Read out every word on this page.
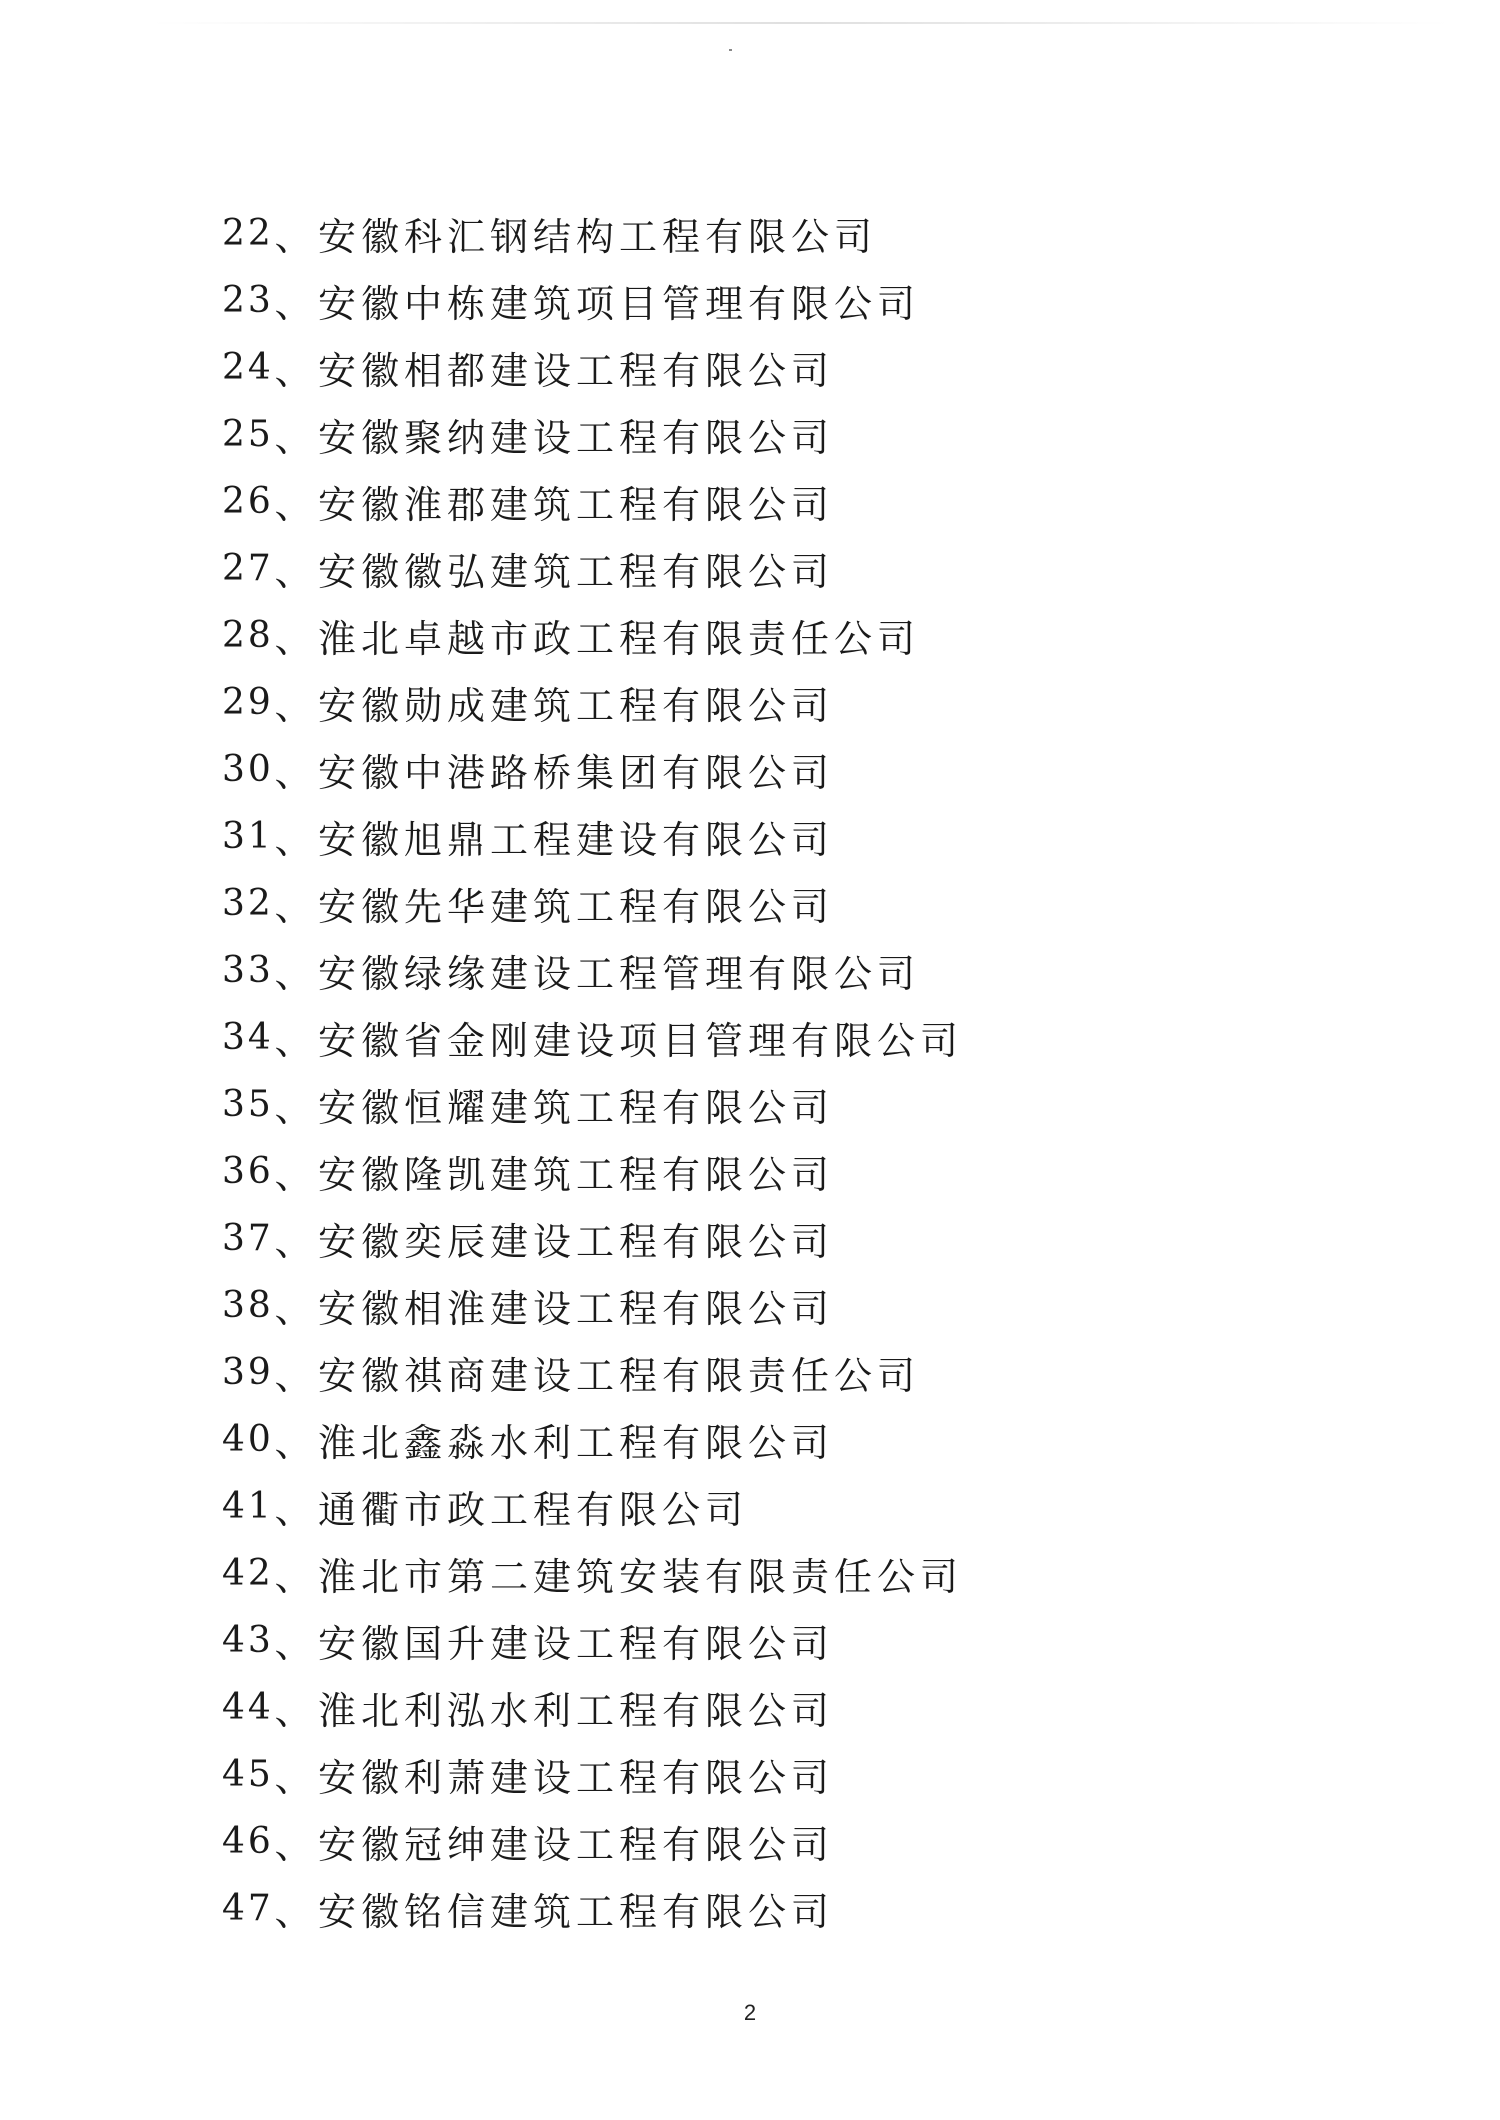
22 、 安徽科汇钢结构工程有限公司
23 、 安徽中栋建筑项目管理有限公司
24 、 安徽相都建设工程有限公司
25 、 安徽聚纳建设工程有限公司
26 、 安徽淮郡建筑工程有限公司
27 、 安徽徽弘建筑工程有限公司
28 、 淮北卓越市政工程有限责任公司
29 、 安徽勋成建筑工程有限公司
30 、 安徽中港路桥集团有限公司
31 、 安徽旭鼎工程建设有限公司
32 、 安徽先华建筑工程有限公司
33 、 安徽绿缘建设工程管理有限公司
34 、 安徽省金刚建设项目管理有限公司
35 、 安徽恒耀建筑工程有限公司
36 、 安徽隆凯建筑工程有限公司
37 、 安徽奕辰建设工程有限公司
38 、 安徽相淮建设工程有限公司
39 、 安徽祺商建设工程有限责任公司
40 、 淮北鑫淼水利工程有限公司
41 、 通衢市政工程有限公司
42 、 淮北市第二建筑安装有限责任公司
43 、 安徽国升建设工程有限公司
44 、 淮北利泓水利工程有限公司
45 、 安徽利萧建设工程有限公司
46 、 安徽冠绅建设工程有限公司
47 、 安徽铭信建筑工程有限公司
2
